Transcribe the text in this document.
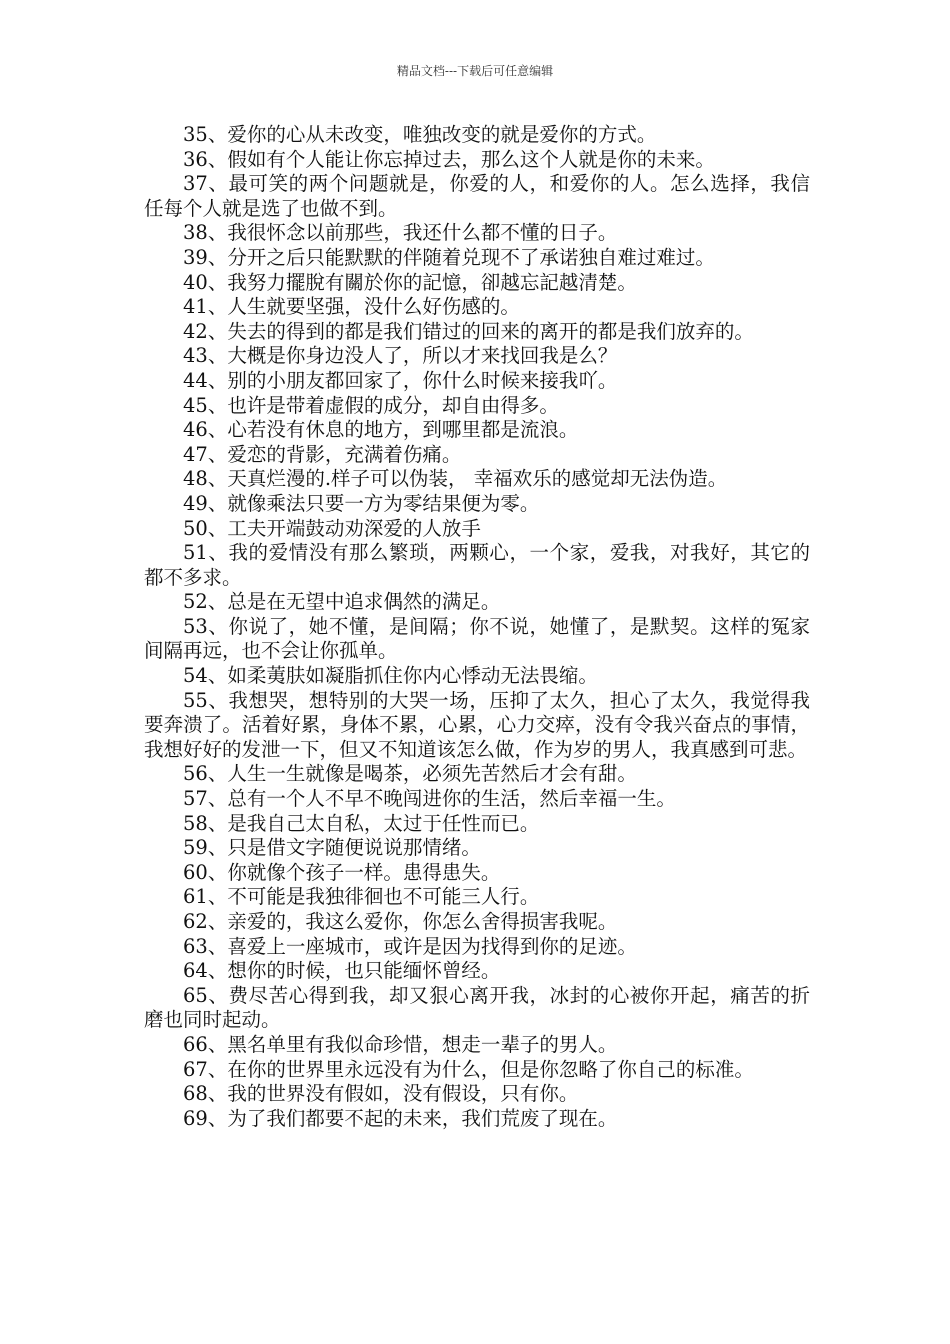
精品文档---下载后可任意编辑

35、爱你的心从未改变，唯独改变的就是爱你的方式。

36、假如有个人能让你忘掉过去，那么这个人就是你的未来。

37、最可笑的两个问题就是，你爱的人，和爱你的人。怎么选择，我信任每个人就是选了也做不到。

38、我很怀念以前那些，我还什么都不懂的日子。

39、分开之后只能默默的伴随着兑现不了承诺独自难过难过。

40、我努力擺脫有關於你的記憶，卻越忘記越清楚。

41、人生就要坚强，没什么好伤感的。

42、失去的得到的都是我们错过的回来的离开的都是我们放弃的。

43、大概是你身边没人了，所以才来找回我是么？

44、别的小朋友都回家了，你什么时候来接我吖。

45、也许是带着虚假的成分，却自由得多。

46、心若没有休息的地方，到哪里都是流浪。

47、爱恋的背影，充满着伤痛。

48、天真烂漫的.样子可以伪装， 幸福欢乐的感觉却无法伪造。

49、就像乘法只要一方为零结果便为零。

50、工夫开端鼓动劝深爱的人放手

51、我的爱情没有那么繁琐，两颗心，一个家，爱我，对我好，其它的都不多求。

52、总是在无望中追求偶然的满足。

53、你说了，她不懂，是间隔；你不说，她懂了，是默契。这样的冤家间隔再远，也不会让你孤单。

54、如柔荑肤如凝脂抓住你内心悸动无法畏缩。

55、我想哭，想特别的大哭一场，压抑了太久，担心了太久，我觉得我要奔溃了。活着好累，身体不累，心累，心力交瘁，没有令我兴奋点的事情，我想好好的发泄一下，但又不知道该怎么做，作为岁的男人，我真感到可悲。

56、人生一生就像是喝茶，必须先苦然后才会有甜。

57、总有一个人不早不晚闯进你的生活，然后幸福一生。

58、是我自己太自私，太过于任性而已。

59、只是借文字随便说说那情绪。

60、你就像个孩子一样。患得患失。

61、不可能是我独徘徊也不可能三人行。

62、亲爱的，我这么爱你，你怎么舍得损害我呢。

63、喜爱上一座城市，或许是因为找得到你的足迹。

64、想你的时候，也只能缅怀曾经。

65、费尽苦心得到我，却又狠心离开我，冰封的心被你开起，痛苦的折磨也同时起动。

66、黑名单里有我似命珍惜，想走一辈子的男人。

67、在你的世界里永远没有为什么，但是你忽略了你自己的标准。

68、我的世界没有假如，没有假设，只有你。

69、为了我们都要不起的未来，我们荒废了现在。
